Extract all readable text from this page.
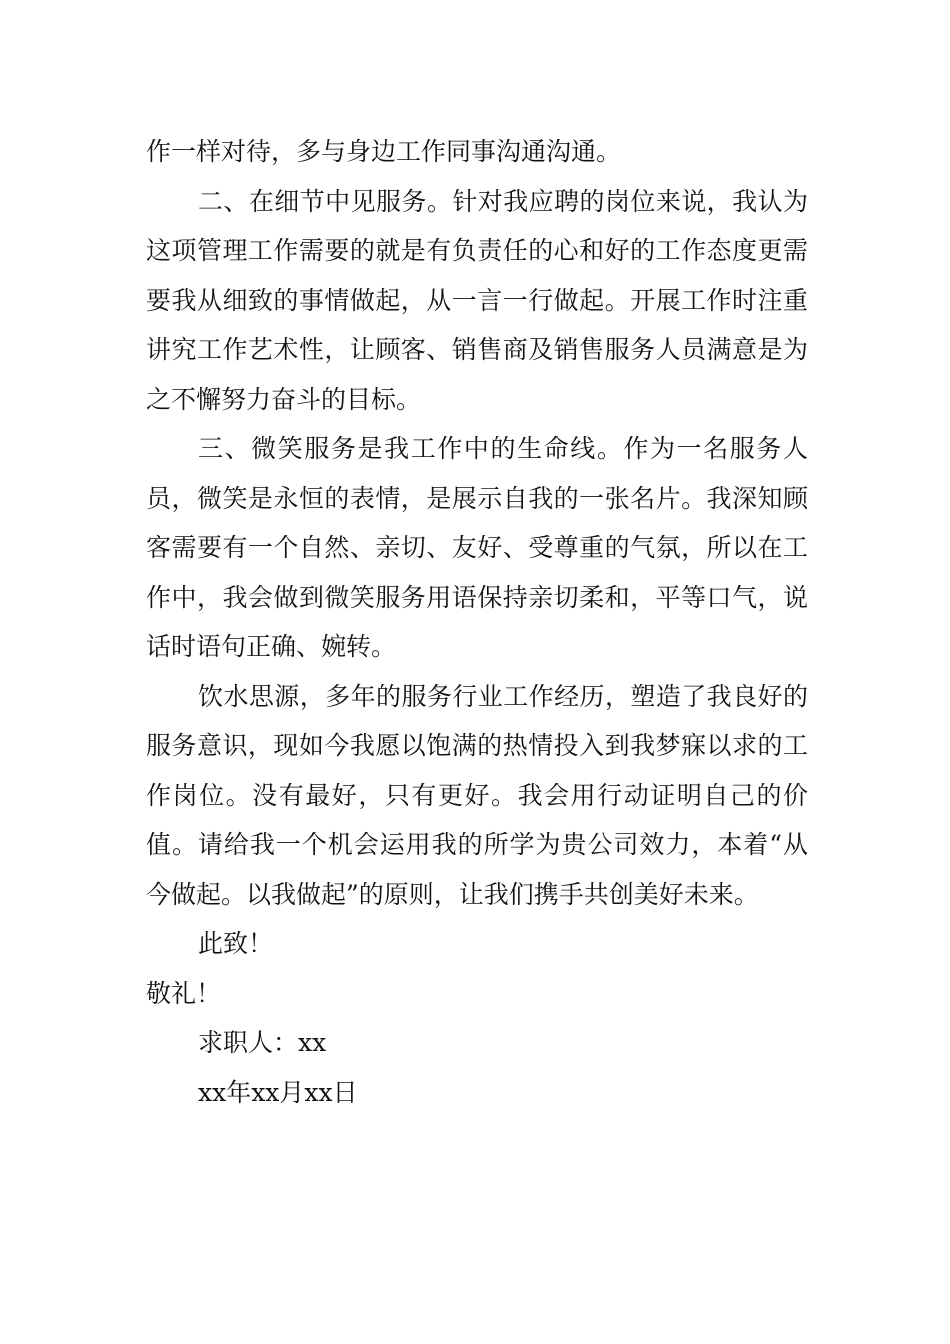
作一样对待，多与身边工作同事沟通沟通。

二、在细节中见服务。针对我应聘的岗位来说，我认为这项管理工作需要的就是有负责任的心和好的工作态度更需要我从细致的事情做起，从一言一行做起。开展工作时注重讲究工作艺术性，让顾客、销售商及销售服务人员满意是为之不懈努力奋斗的目标。

三、微笑服务是我工作中的生命线。作为一名服务人员，微笑是永恒的表情，是展示自我的一张名片。我深知顾客需要有一个自然、亲切、友好、受尊重的气氛，所以在工作中，我会做到微笑服务用语保持亲切柔和，平等口气，说话时语句正确、婉转。

饮水思源，多年的服务行业工作经历，塑造了我良好的服务意识，现如今我愿以饱满的热情投入到我梦寐以求的工作岗位。没有最好，只有更好。我会用行动证明自己的价值。请给我一个机会运用我的所学为贵公司效力，本着“从今做起。以我做起”的原则，让我们携手共创美好未来。

此致！

敬礼！

求职人：xx

xx年xx月xx日
